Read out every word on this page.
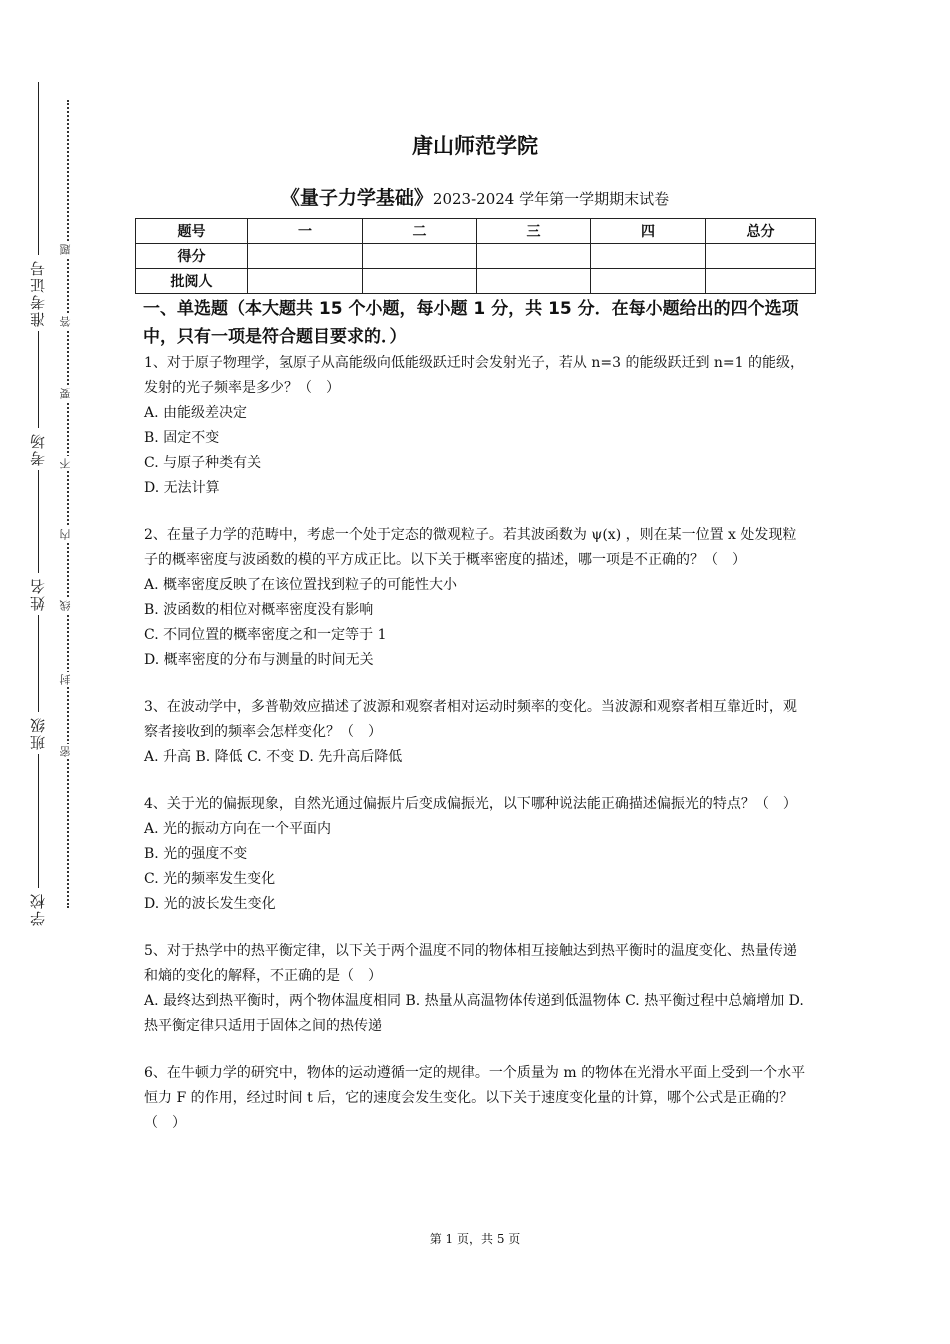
准考证号
考场
姓名
班级
学校
题
答
要
不
内
线
封
密
唐山师范学院
《量子力学基础》2023-2024 学年第一学期期末试卷
题号	一	二	三	四	总分
得分					
批阅人					
一、单选题（本大题共 15 个小题，每小题 1 分，共 15 分．在每小题给出的四个选项中，只有一项是符合题目要求的．）
1、对于原子物理学，氢原子从高能级向低能级跃迁时会发射光子，若从 n=3 的能级跃迁到 n=1 的能级，发射的光子频率是多少？（　）
A. 由能级差决定
B. 固定不变
C. 与原子种类有关
D. 无法计算
2、在量子力学的范畴中，考虑一个处于定态的微观粒子。若其波函数为 ψ(x) ，则在某一位置 x 处发现粒子的概率密度与波函数的模的平方成正比。以下关于概率密度的描述，哪一项是不正确的？（　）
A. 概率密度反映了在该位置找到粒子的可能性大小
B. 波函数的相位对概率密度没有影响
C. 不同位置的概率密度之和一定等于 1
D. 概率密度的分布与测量的时间无关
3、在波动学中，多普勒效应描述了波源和观察者相对运动时频率的变化。当波源和观察者相互靠近时，观察者接收到的频率会怎样变化？（　）
A. 升高 B. 降低 C. 不变 D. 先升高后降低
4、关于光的偏振现象，自然光通过偏振片后变成偏振光，以下哪种说法能正确描述偏振光的特点？（　）
A. 光的振动方向在一个平面内
B. 光的强度不变
C. 光的频率发生变化
D. 光的波长发生变化
5、对于热学中的热平衡定律，以下关于两个温度不同的物体相互接触达到热平衡时的温度变化、热量传递和熵的变化的解释，不正确的是（　）
A. 最终达到热平衡时，两个物体温度相同 B. 热量从高温物体传递到低温物体 C. 热平衡过程中总熵增加 D. 热平衡定律只适用于固体之间的热传递
6、在牛顿力学的研究中，物体的运动遵循一定的规律。一个质量为 m 的物体在光滑水平面上受到一个水平恒力 F 的作用，经过时间 t 后，它的速度会发生变化。以下关于速度变化量的计算，哪个公式是正确的？（　）
第 1 页，共 5 页
